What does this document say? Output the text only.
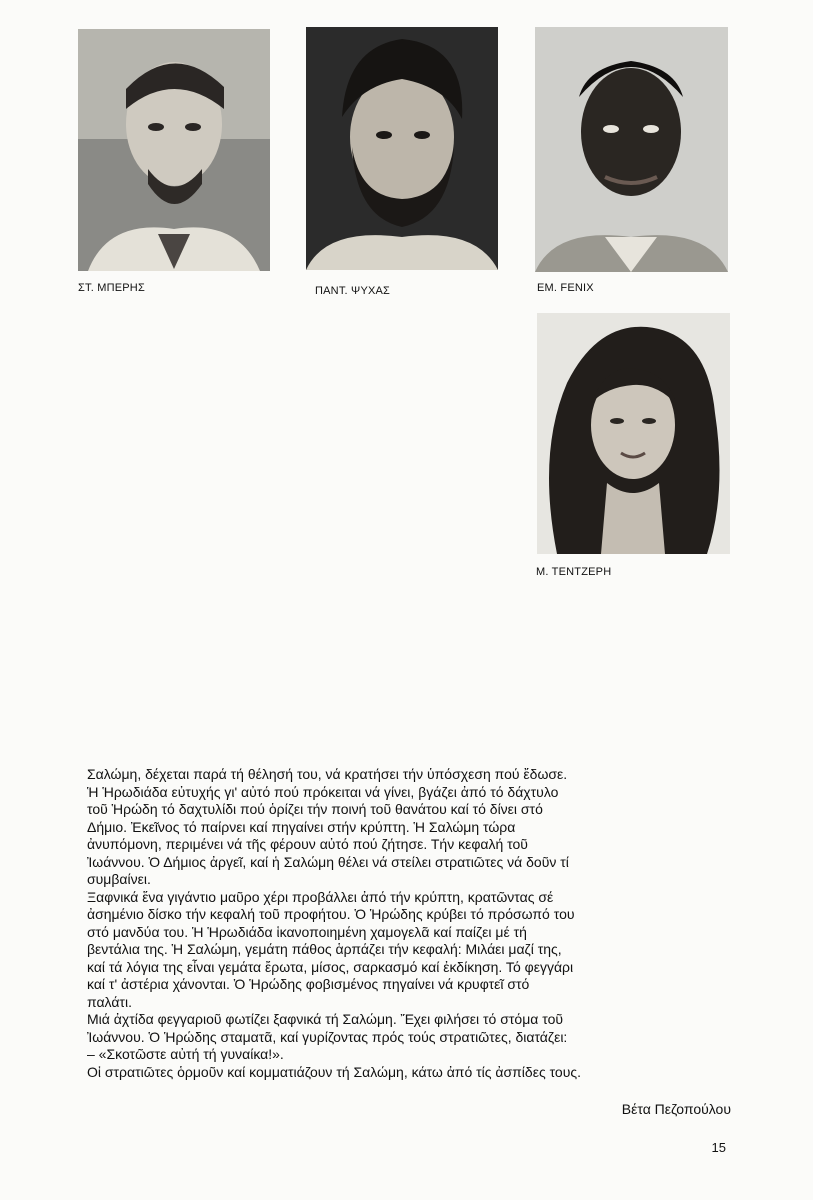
ΣΤ. ΜΠΕΡΗΣ	ΠΑΝΤ. ΨΥΧΑΣ	ΕΜ. FENIX
Μ. ΤΕΝΤΖΕΡΗ

Σαλώμη, δέχεται παρά τή θέλησή του, νά κρατήσει τήν ὑπόσχεση πού ἔδωσε.
Ἡ Ἡρωδιάδα εὐτυχής γι' αὐτό πού πρόκειται νά γίνει, βγάζει ἀπό τό δάχτυλο
τοῦ Ἡρώδη τό δαχτυλίδι πού ὁρίζει τήν ποινή τοῦ θανάτου καί τό δίνει στό
Δήμιο. Ἐκεῖνος τό παίρνει καί πηγαίνει στήν κρύπτη. Ἡ Σαλώμη τώρα
ἀνυπόμονη, περιμένει νά τῆς φέρουν αὐτό πού ζήτησε. Τήν κεφαλή τοῦ
Ἰωάννου. Ὁ Δήμιος ἀργεῖ, καί ἡ Σαλώμη θέλει νά στείλει στρατιῶτες νά δοῦν τί
συμβαίνει.

Ξαφνικά ἕνα γιγάντιο μαῦρο χέρι προβάλλει ἀπό τήν κρύπτη, κρατῶντας σέ
ἀσημένιο δίσκο τήν κεφαλή τοῦ προφήτου. Ὁ Ἡρώδης κρύβει τό πρόσωπό του
στό μανδύα του. Ἡ Ἡρωδιάδα ἱκανοποιημένη χαμογελᾶ καί παίζει μέ τή
βεντάλια της. Ἡ Σαλώμη, γεμάτη πάθος ἁρπάζει τήν κεφαλή: Μιλάει μαζί της,
καί τά λόγια της εἶναι γεμάτα ἔρωτα, μίσος, σαρκασμό καί ἐκδίκηση. Τό φεγγάρι
καί τ' ἀστέρια χάνονται. Ὁ Ἡρώδης φοβισμένος πηγαίνει νά κρυφτεῖ στό
παλάτι.

Μιά ἀχτίδα φεγγαριοῦ φωτίζει ξαφνικά τή Σαλώμη. Ἔχει φιλήσει τό στόμα τοῦ
Ἰωάννου. Ὁ Ἡρώδης σταματᾶ, καί γυρίζοντας πρός τούς στρατιῶτες, διατάζει:
– «Σκοτῶστε αὐτή τή γυναίκα!».
Οἱ στρατιῶτες ὁρμοῦν καί κομματιάζουν τή Σαλώμη, κάτω ἀπό τίς ἀσπίδες τους.

Βέτα Πεζοπούλου
15
